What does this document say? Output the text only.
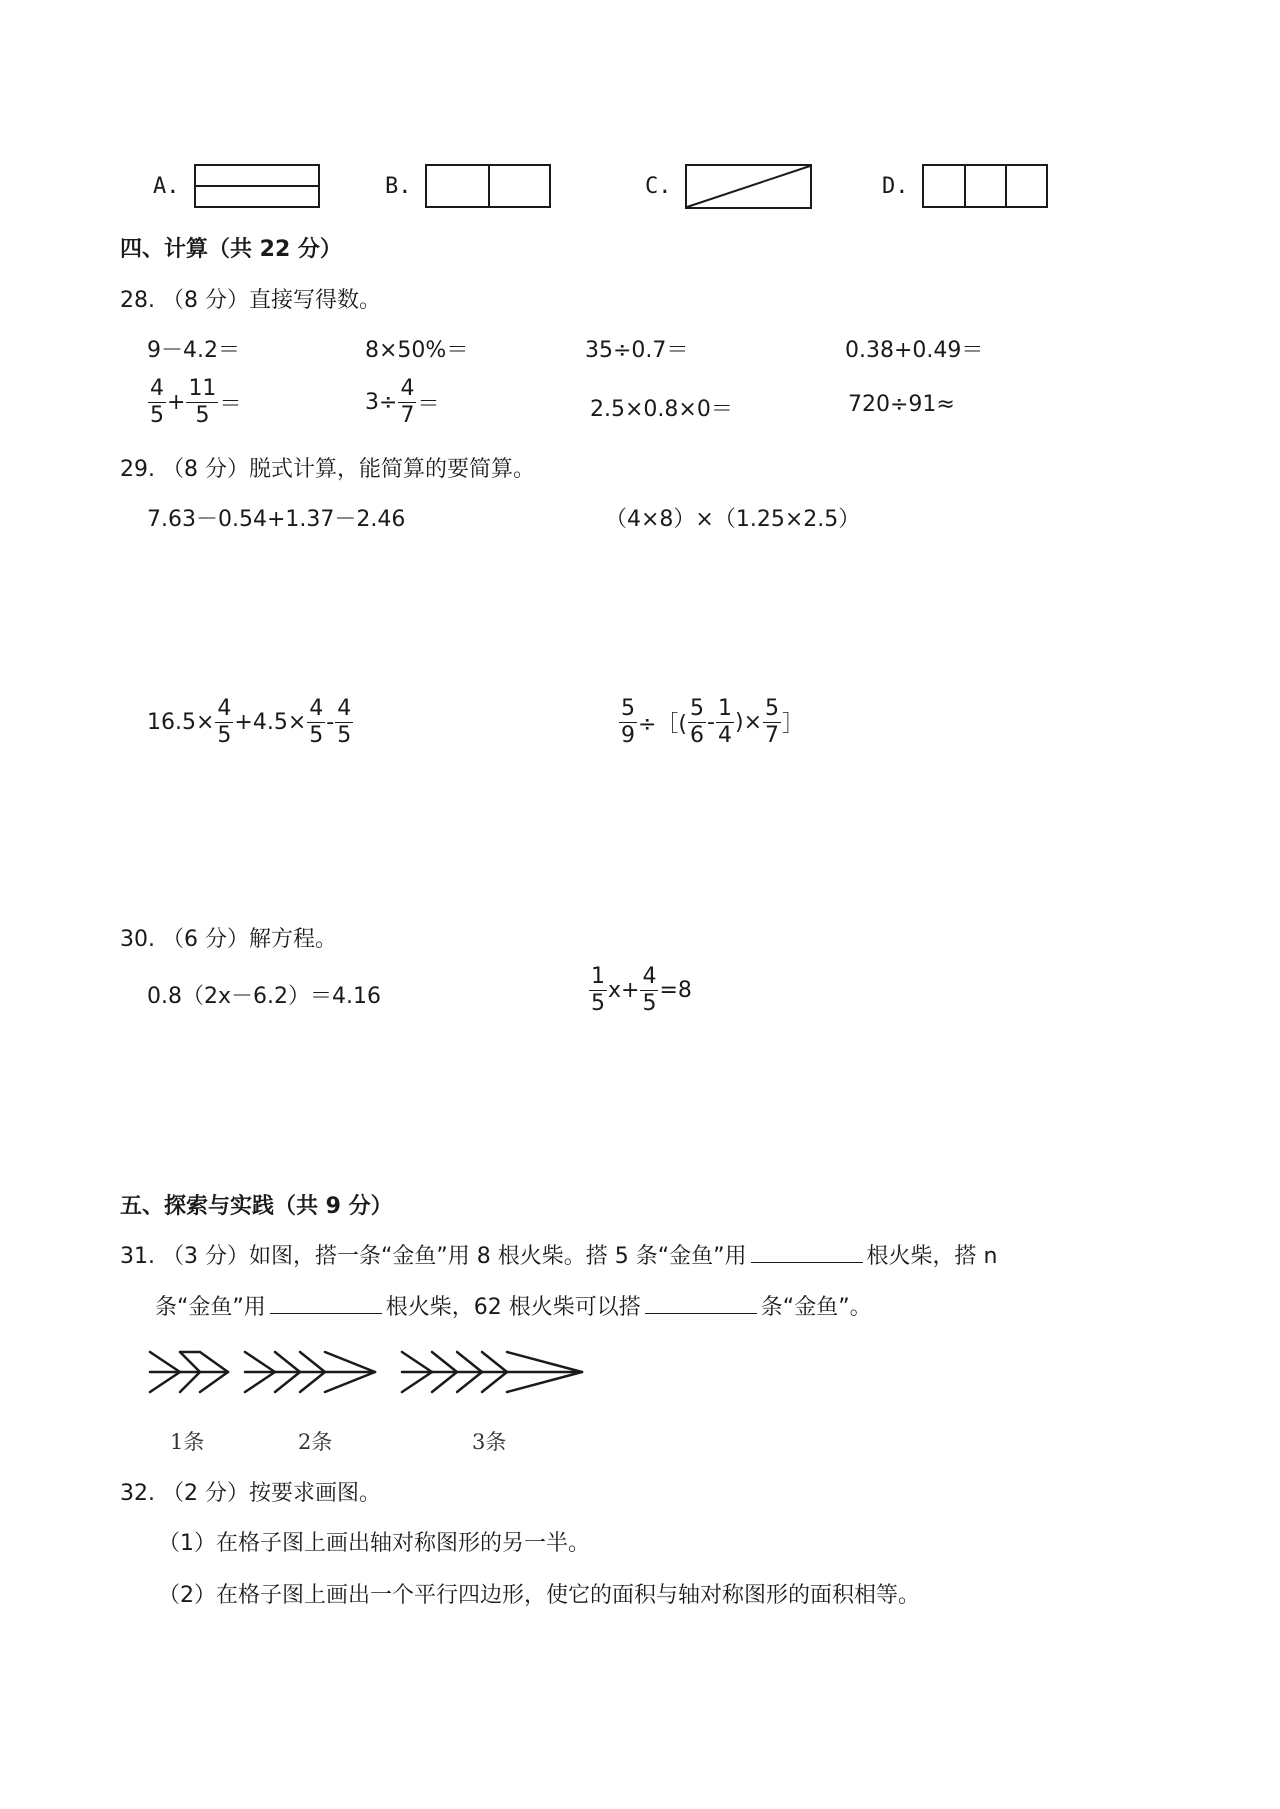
A.	B.	C.	D.
四、计算（共 22 分）
28. （8 分）直接写得数。
9－4.2＝	8×50%＝	35÷0.7＝	0.38+0.49＝
$\frac{4}{5} + \frac{11}{5}$ ＝	$3\div \frac{4}{7}$ ＝	2.5×0.8×0＝	720÷91≈
29. （8 分）脱式计算，能简算的要简算。
7.63－0.54+1.37－2.46	（4×8）×（1.25×2.5）
$16.5\times \frac{4}{5} +4.5\times \frac{4}{5} - \frac{4}{5}$	$\frac{5}{9}$ ÷［( $\frac{5}{6} - \frac{1}{4}$ )× $\frac{5}{7}$ ］
30. （6 分）解方程。
0.8（2x－6.2）＝4.16	$\frac{1}{5} x+ \frac{4}{5} =8$
五、探索与实践（共 9 分）
31. （3 分）如图，搭一条“金鱼”用 8 根火柴。搭 5 条“金鱼”用	根火柴，搭 n
条“金鱼”用	根火柴，62 根火柴可以搭	条“金鱼”。
1条	2条	3条
32. （2 分）按要求画图。
（1）在格子图上画出轴对称图形的另一半。
（2）在格子图上画出一个平行四边形，使它的面积与轴对称图形的面积相等。
